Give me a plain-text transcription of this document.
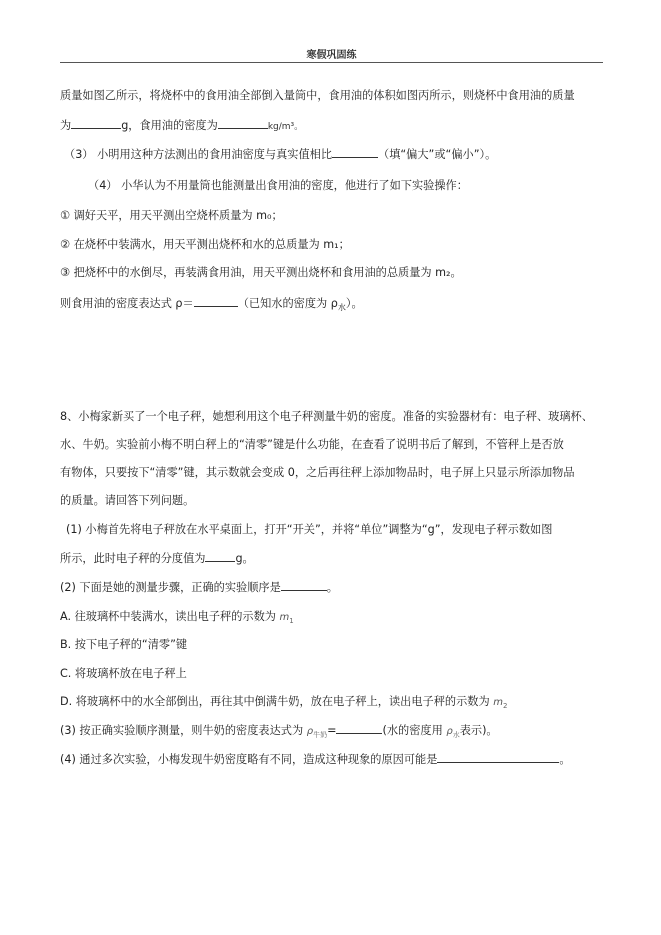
寒假巩固练
质量如图乙所示，将烧杯中的食用油全部倒入量筒中，食用油的体积如图丙所示，则烧杯中食用油的质量
为	g，食用油的密度为	kg/m³。
（3） 小明用这种方法测出的食用油密度与真实值相比	（填“偏大”或“偏小”）。
（4） 小华认为不用量筒也能测量出食用油的密度，他进行了如下实验操作：
① 调好天平，用天平测出空烧杯质量为 m₀；
② 在烧杯中装满水，用天平测出烧杯和水的总质量为 m₁；
③ 把烧杯中的水倒尽，再装满食用油，用天平测出烧杯和食用油的总质量为 m₂。
则食用油的密度表达式 ρ＝	（已知水的密度为 $\rho_水$）。
8、小梅家新买了一个电子秤，她想利用这个电子秤测量牛奶的密度。准备的实验器材有：电子秤、玻璃杯、
水、牛奶。实验前小梅不明白秤上的“清零”键是什么功能，在查看了说明书后了解到，不管秤上是否放
有物体，只要按下“清零”键，其示数就会变成 0，之后再往秤上添加物品时，电子屏上只显示所添加物品
的质量。请回答下列问题。
(1) 小梅首先将电子秤放在水平桌面上，打开“开关”，并将“单位”调整为“g”，发现电子秤示数如图
所示，此时电子秤的分度值为	g。
(2) 下面是她的测量步骤，正确的实验顺序是	。
A. 往玻璃杯中装满水，读出电子秤的示数为 $m_1$
B. 按下电子秤的“清零”键
C. 将玻璃杯放在电子秤上
D. 将玻璃杯中的水全部倒出，再往其中倒满牛奶，放在电子秤上，读出电子秤的示数为 $m_2$
(3) 按正确实验顺序测量，则牛奶的密度表达式为 $\rho_{牛奶}=$	(水的密度用 $\rho_水$表示)。
(4) 通过多次实验，小梅发现牛奶密度略有不同，造成这种现象的原因可能是	。
